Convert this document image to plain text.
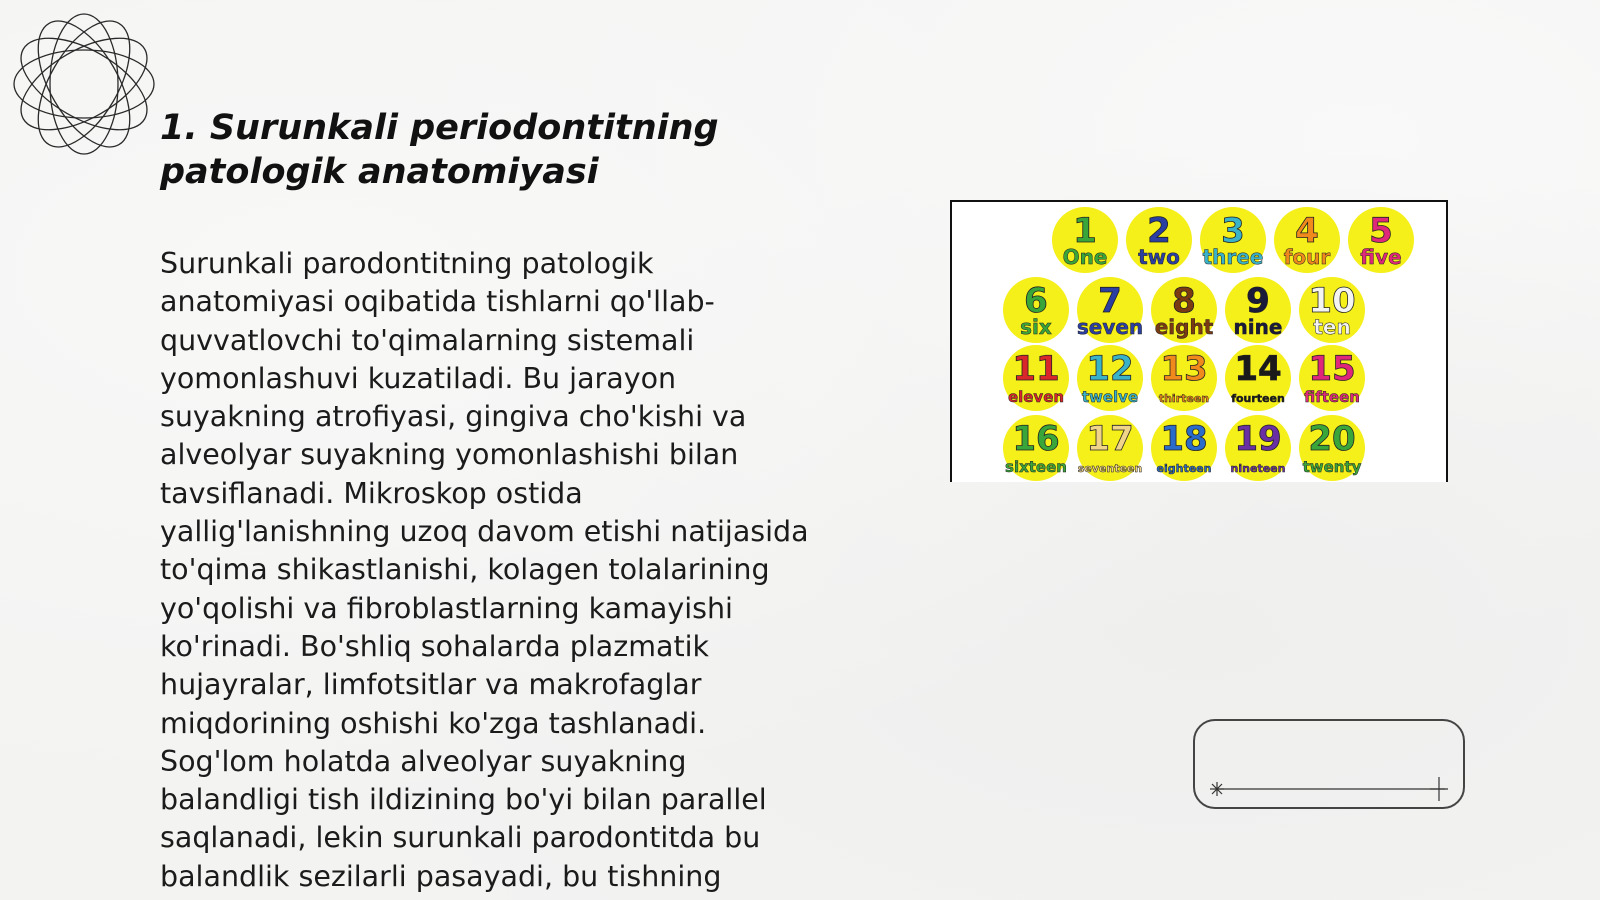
1. Surunkali periodontitning patologik anatomiyasi

Surunkali parodontitning patologik
anatomiyasi oqibatida tishlarni qo'llab-
quvvatlovchi to'qimalarning sistemali
yomonlashuvi kuzatiladi. Bu jarayon
suyakning atrofiyasi, gingiva cho'kishi va
alveolyar suyakning yomonlashishi bilan
tavsiflanadi. Mikroskop ostida
yallig'lanishning uzoq davom etishi natijasida
to'qima shikastlanishi, kolagen tolalarining
yo'qolishi va fibroblastlarning kamayishi
ko'rinadi. Bo'shliq sohalarda plazmatik
hujayralar, limfotsitlar va makrofaglar
miqdorining oshishi ko'zga tashlanadi.
Sog'lom holatda alveolyar suyakning
balandligi tish ildizining bo'yi bilan parallel
saqlanadi, lekin surunkali parodontitda bu
balandlik sezilarli pasayadi, bu tishning

1
One
2
two
3
three
4
four
5
five
6
six
7
seven
8
eight
9
nine
10
ten
11
eleven
12
twelve
13
thirteen
14
fourteen
15
fifteen
16
sixteen
17
seventeen
18
eighteen
19
nineteen
20
twenty
